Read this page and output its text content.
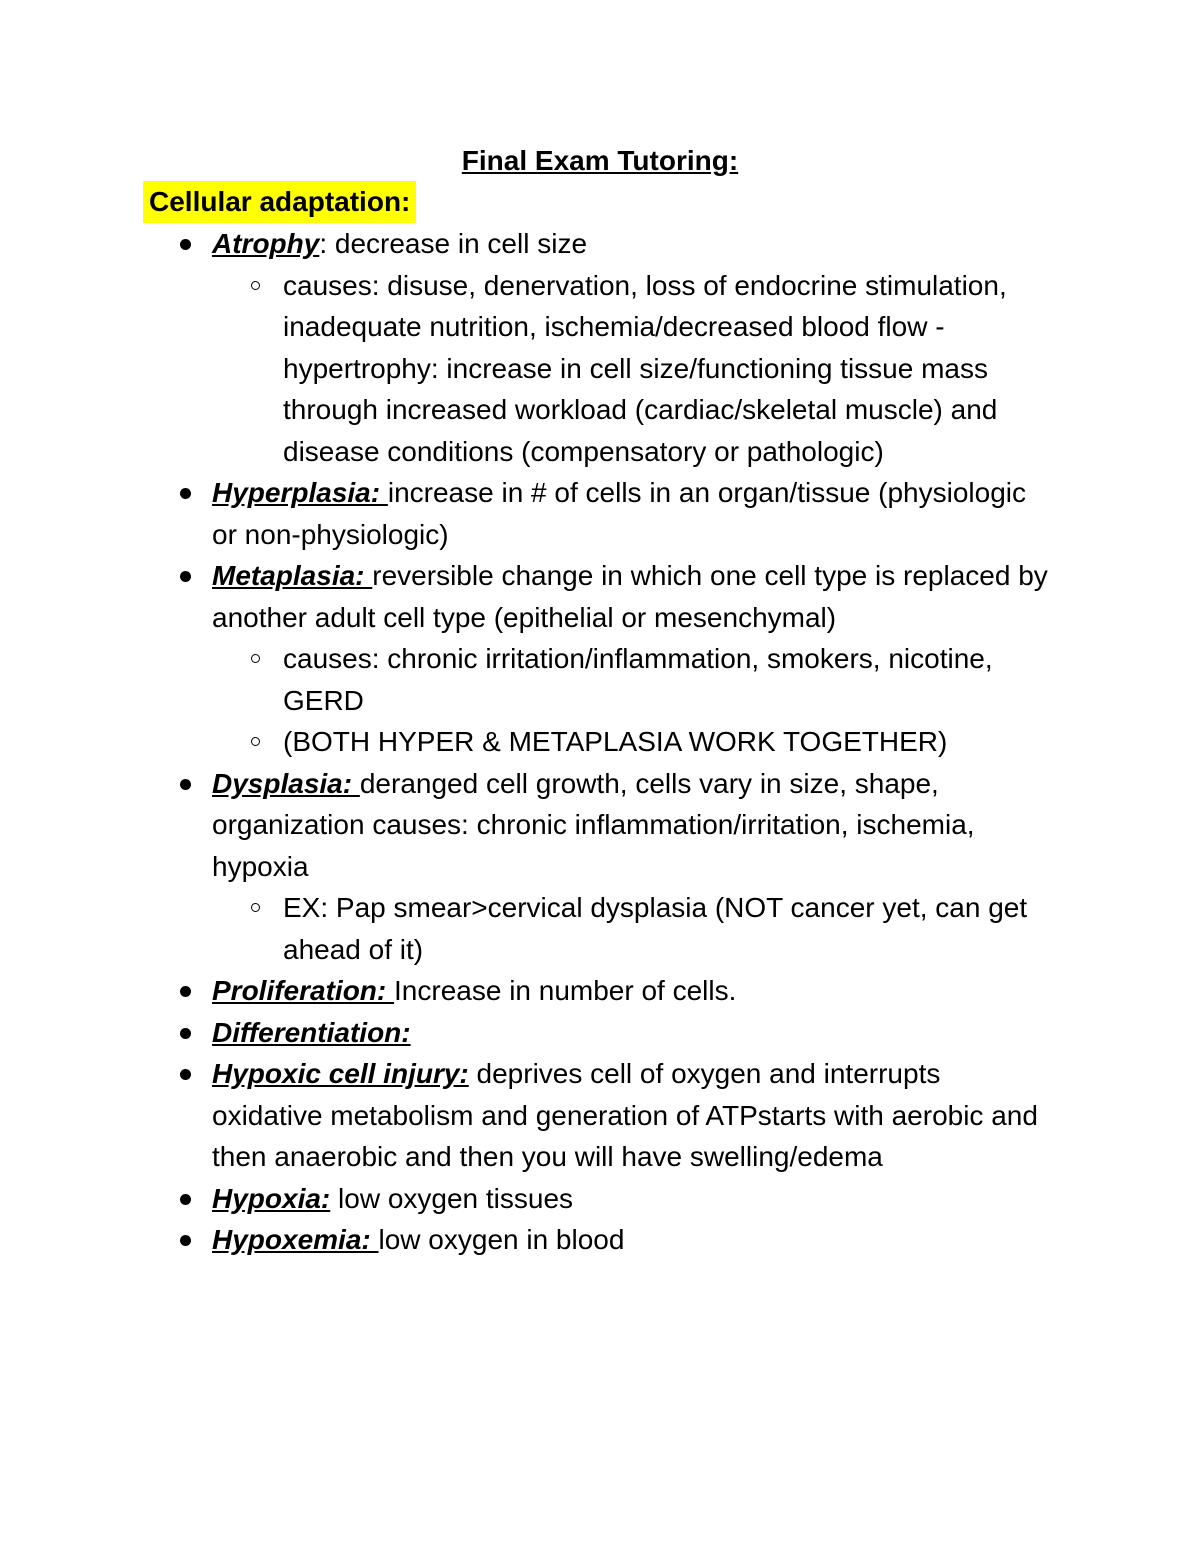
Final Exam Tutoring:
Cellular adaptation:
Atrophy: decrease in cell size
causes: disuse, denervation, loss of endocrine stimulation, inadequate nutrition, ischemia/decreased blood flow - hypertrophy: increase in cell size/functioning tissue mass through increased workload (cardiac/skeletal muscle) and disease conditions (compensatory or pathologic)
Hyperplasia: increase in # of cells in an organ/tissue (physiologic or non-physiologic)
Metaplasia: reversible change in which one cell type is replaced by another adult cell type (epithelial or mesenchymal)
causes: chronic irritation/inflammation, smokers, nicotine, GERD
(BOTH HYPER & METAPLASIA WORK TOGETHER)
Dysplasia: deranged cell growth, cells vary in size, shape, organization causes: chronic inflammation/irritation, ischemia, hypoxia
EX: Pap smear>cervical dysplasia (NOT cancer yet, can get ahead of it)
Proliferation: Increase in number of cells.
Differentiation:
Hypoxic cell injury: deprives cell of oxygen and interrupts oxidative metabolism and generation of ATPstarts with aerobic and then anaerobic and then you will have swelling/edema
Hypoxia: low oxygen tissues
Hypoxemia: low oxygen in blood
